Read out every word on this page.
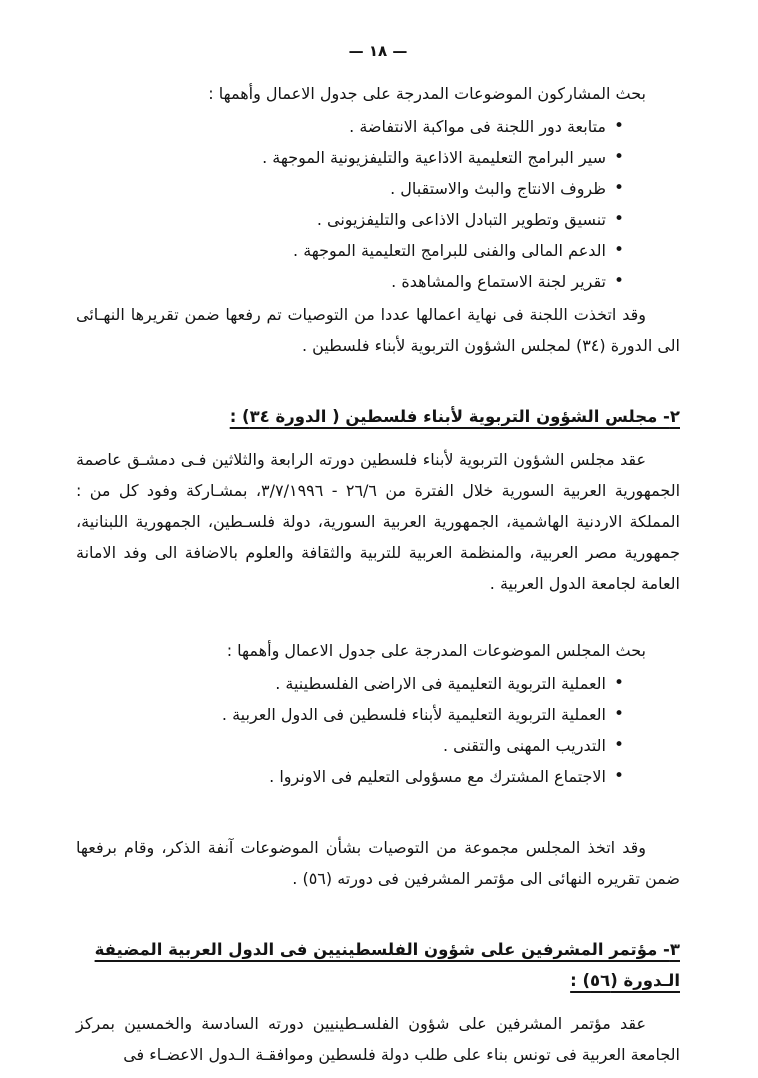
— ١٨ —

بحث المشاركون الموضوعات المدرجة على جدول الاعمال وأهمها :

• متابعة دور اللجنة فى مواكبة الانتفاضة .
• سير البرامج التعليمية الاذاعية والتليفزيونية الموجهة .
• ظروف الانتاج والبث والاستقبال .
• تنسيق وتطوير التبادل الاذاعى والتليفزيونى .
• الدعم المالى والفنى للبرامج التعليمية الموجهة .
• تقرير لجنة الاستماع والمشاهدة .

وقد اتخذت اللجنة فى نهاية اعمالها عددا من التوصيات تم رفعها ضمن تقريرها النهـائى الى الدورة (٣٤) لمجلس الشؤون التربوية لأبناء فلسطين .

٢- مجلس الشؤون التربوية لأبناء فلسطين ( الدورة ٣٤) :

عقد مجلس الشؤون التربوية لأبناء فلسطين دورته الرابعة والثلاثين فـى دمشـق عاصمة الجمهورية العربية السورية خلال الفترة من ٢٦/٦ - ٣/٧/١٩٩٦، بمشـاركة وفود كل من : المملكة الاردنية الهاشمية، الجمهورية العربية السورية، دولة فلسـطين، الجمهورية اللبنانية، جمهورية مصر العربية، والمنظمة العربية للتربية والثقافة والعلوم بالاضافة الى وفد الامانة العامة لجامعة الدول العربية .

بحث المجلس الموضوعات المدرجة على جدول الاعمال وأهمها :

• العملية التربوية التعليمية فى الاراضى الفلسطينية .
• العملية التربوية التعليمية لأبناء فلسطين فى الدول العربية .
• التدريب المهنى والتقنى .
• الاجتماع المشترك مع مسؤولى التعليم فى الاونروا .

وقد اتخذ المجلس مجموعة من التوصيات بشأن الموضوعات آنفة الذكر، وقام برفعها ضمن تقريره النهائى الى مؤتمر المشرفين فى دورته (٥٦) .

٣- مؤتمر المشرفين على شؤون الفلسطينيين فى الدول العربية المضيفة الـدورة (٥٦) :

عقد مؤتمر المشرفين على شؤون الفلسـطينيين دورته السادسة والخمسين بمركز الجامعة العربية فى تونس بناء على طلب دولة فلسطين وموافقـة الـدول الاعضـاء فى
